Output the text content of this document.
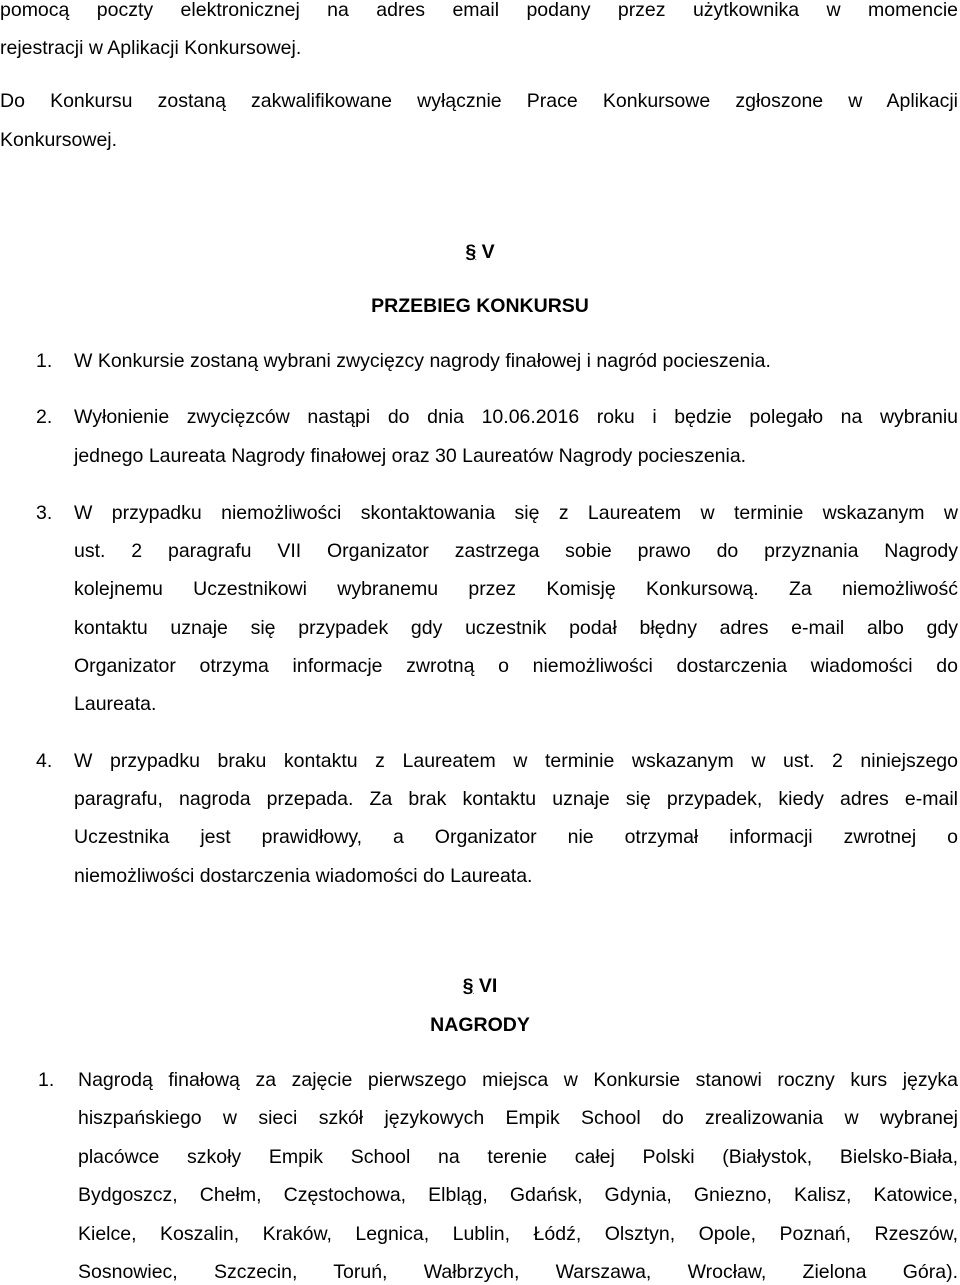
pomocą poczty elektronicznej na adres email podany przez użytkownika w momencie
rejestracji w Aplikacji Konkursowej.
Do Konkursu zostaną zakwalifikowane wyłącznie Prace Konkursowe zgłoszone w Aplikacji
Konkursowej.
§ V
PRZEBIEG KONKURSU
1. W Konkursie zostaną wybrani zwycięzcy nagrody finałowej i nagród pocieszenia.
2. Wyłonienie zwycięzców nastąpi do dnia 10.06.2016 roku i będzie polegało na wybraniu
jednego Laureata Nagrody finałowej oraz 30 Laureatów Nagrody pocieszenia.
3. W przypadku niemożliwości skontaktowania się z Laureatem w terminie wskazanym w
ust. 2 paragrafu VII Organizator zastrzega sobie prawo do przyznania Nagrody
kolejnemu Uczestnikowi wybranemu przez Komisję Konkursową. Za niemożliwość
kontaktu uznaje się przypadek gdy uczestnik podał błędny adres e-mail albo gdy
Organizator otrzyma informacje zwrotną o niemożliwości dostarczenia wiadomości do
Laureata.
4. W przypadku braku kontaktu z Laureatem w terminie wskazanym w ust. 2 niniejszego
paragrafu, nagroda przepada. Za brak kontaktu uznaje się przypadek, kiedy adres e-mail
Uczestnika jest prawidłowy, a Organizator nie otrzymał informacji zwrotnej o
niemożliwości dostarczenia wiadomości do Laureata.
§ VI
NAGRODY
1. Nagrodą finałową za zajęcie pierwszego miejsca w Konkursie stanowi roczny kurs języka
hiszpańskiego w sieci szkół językowych Empik School do zrealizowania w wybranej
placówce szkoły Empik School na terenie całej Polski (Białystok, Bielsko-Biała,
Bydgoszcz, Chełm, Częstochowa, Elbląg, Gdańsk, Gdynia, Gniezno, Kalisz, Katowice,
Kielce, Koszalin, Kraków, Legnica, Lublin, Łódź, Olsztyn, Opole, Poznań, Rzeszów,
Sosnowiec, Szczecin, Toruń, Wałbrzych, Warszawa, Wrocław, Zielona Góra).
